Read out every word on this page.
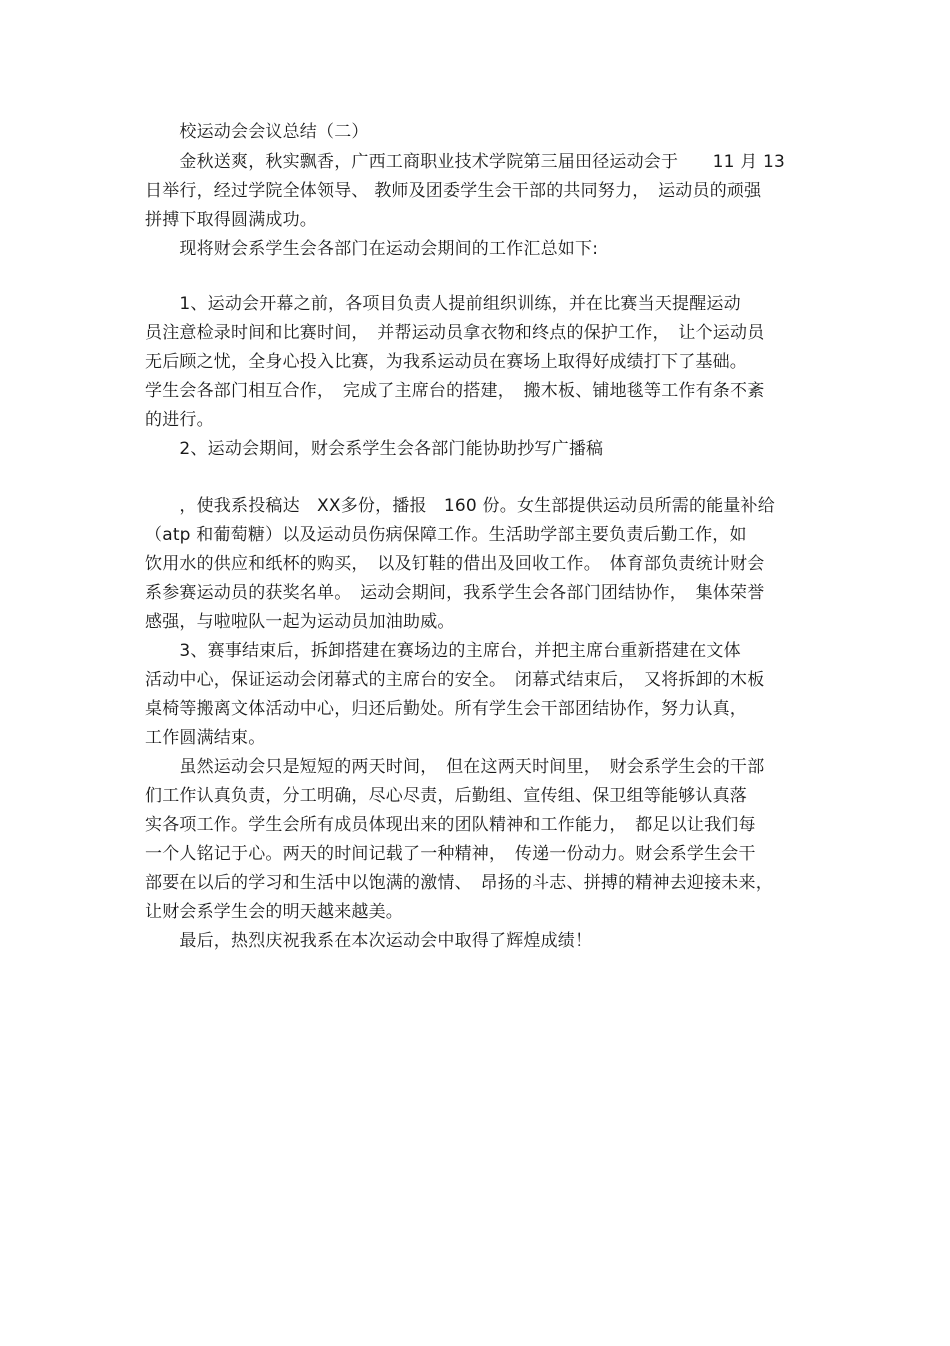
　　校运动会会议总结（二）
　　金秋送爽，秋实飘香，广西工商职业技术学院第三届田径运动会于　　11 月 13
日举行，经过学院全体领导、 教师及团委学生会干部的共同努力，　运动员的顽强
拼搏下取得圆满成功。
　　现将财会系学生会各部门在运动会期间的工作汇总如下:
　　1、运动会开幕之前，各项目负责人提前组织训练，并在比赛当天提醒运动
员注意检录时间和比赛时间，　并帮运动员拿衣物和终点的保护工作，　让个运动员
无后顾之忧，全身心投入比赛，为我系运动员在赛场上取得好成绩打下了基础。
学生会各部门相互合作，　完成了主席台的搭建，　搬木板、铺地毯等工作有条不紊
的进行。
　　2、运动会期间，财会系学生会各部门能协助抄写广播稿
　　，使我系投稿达　XX多份，播报　160 份。女生部提供运动员所需的能量补给
（atp 和葡萄糖）以及运动员伤病保障工作。生活助学部主要负责后勤工作，如
饮用水的供应和纸杯的购买，　以及钉鞋的借出及回收工作。　体育部负责统计财会
系参赛运动员的获奖名单。　运动会期间，我系学生会各部门团结协作，　集体荣誉
感强，与啦啦队一起为运动员加油助威。
　　3、赛事结束后，拆卸搭建在赛场边的主席台，并把主席台重新搭建在文体
活动中心，保证运动会闭幕式的主席台的安全。　闭幕式结束后，　又将拆卸的木板
桌椅等搬离文体活动中心，归还后勤处。所有学生会干部团结协作，努力认真，
工作圆满结束。
　　虽然运动会只是短短的两天时间，　但在这两天时间里，　财会系学生会的干部
们工作认真负责，分工明确，尽心尽责，后勤组、宣传组、保卫组等能够认真落
实各项工作。学生会所有成员体现出来的团队精神和工作能力，　都足以让我们每
一个人铭记于心。两天的时间记载了一种精神，　传递一份动力。财会系学生会干
部要在以后的学习和生活中以饱满的激情、　昂扬的斗志、拼搏的精神去迎接未来，
让财会系学生会的明天越来越美。
　　最后，热烈庆祝我系在本次运动会中取得了辉煌成绩！
